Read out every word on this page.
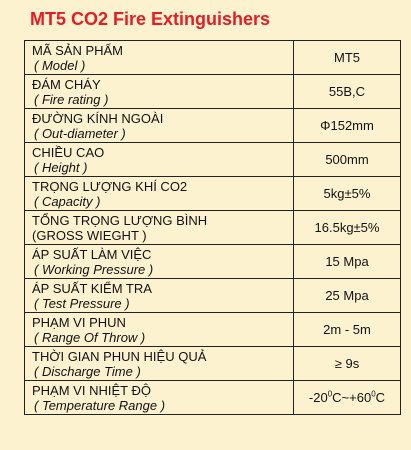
MT5 CO2 Fire Extinguishers
MÃ SẢN PHẨM
( Model )	MT5

ĐÁM CHÁY
( Fire rating )	55B,C

ĐƯỜNG KÍNH NGOÀI
( Out-diameter )	Φ152mm

CHIỀU CAO
( Height )	500mm

TRỌNG LƯỢNG KHÍ CO2
( Capacity )	5kg±5%

TỔNG TRỌNG LƯỢNG BÌNH
(GROSS WIEGHT )	16.5kg±5%

ÁP SUẤT LÀM VIỆC
( Working Pressure )	15 Mpa

ÁP SUẤT KIỂM TRA
( Test Pressure )	25 Mpa

PHẠM VI PHUN
( Range Of Throw )	2m - 5m

THỜI GIAN PHUN HIỆU QUẢ
( Discharge Time )	≥ 9s

PHẠM VI NHIỆT ĐỘ
( Temperature Range )	$-20^0C\sim+60^0C$
